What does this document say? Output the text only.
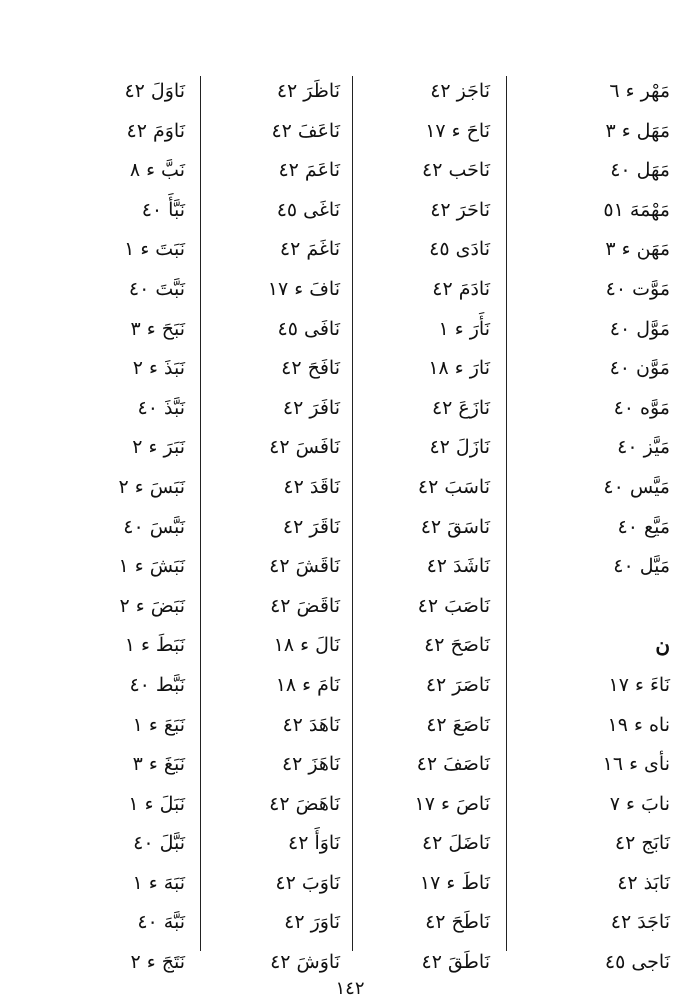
مَهْر ء ٦
مَهَل ء ٣
مَهَل ٤٠
مَهْمَهَ ٥١
مَهَن ء ٣
مَوَّت ٤٠
مَوَّل ٤٠
مَوَّن ٤٠
مَوَّه ٤٠
مَيَّز ٤٠
مَيَّس ٤٠
مَيَّع ٤٠
مَيَّل ٤٠
ن
نَاءَ ء ١٧
ناه ء ١٩
نأى ء ١٦
نابَ ء ٧
نَابَج ٤٢
نَابَذ ٤٢
نَاجَدَ ٤٢
نَاجى ٤٥
نَاجَز ٤٢
نَاحَ ء ١٧
نَاحَب ٤٢
نَاحَرَ ٤٢
نَادَى ٤٥
نَادَمَ ٤٢
نَأَرَ ء ١
نَارَ ء ١٨
نَازَعَ ٤٢
نَازَلَ ٤٢
نَاسَبَ ٤٢
نَاسَقَ ٤٢
نَاشَدَ ٤٢
نَاصَبَ ٤٢
نَاصَحَ ٤٢
نَاصَرَ ٤٢
نَاصَعَ ٤٢
نَاصَفَ ٤٢
نَاصَ ء ١٧
نَاضَلَ ٤٢
نَاطَ ء ١٧
نَاطَحَ ٤٢
نَاطَقَ ٤٢
نَاظَرَ ٤٢
نَاعَفَ ٤٢
نَاعَمَ ٤٢
نَاغَى ٤٥
نَاغَمَ ٤٢
نَافَ ء ١٧
نَافَى ٤٥
نَافَحَ ٤٢
نَافَرَ ٤٢
نَافَسَ ٤٢
نَاقَدَ ٤٢
نَاقَرَ ٤٢
نَاقَشَ ٤٢
نَاقَضَ ٤٢
نَالَ ء ١٨
نَامَ ء ١٨
نَاهَدَ ٤٢
نَاهَزَ ٤٢
نَاهَضَ ٤٢
نَاوَأَ ٤٢
نَاوَبَ ٤٢
نَاوَرَ ٤٢
نَاوَشَ ٤٢
نَاوَلَ ٤٢
نَاوَمَ ٤٢
نَبَّ ء ٨
نَبَّأَ ٤٠
نَبَتَ ء ١
نَبَّتَ ٤٠
نَبَحَ ء ٣
نَبَذَ ء ٢
نَبَّذَ ٤٠
نَبَرَ ء ٢
نَبَسَ ء ٢
نَبَّسَ ٤٠
نَبَشَ ء ١
نَبَضَ ء ٢
نَبَطَ ء ١
نَبَّط ٤٠
نَبَعَ ء ١
نَبَغَ ء ٣
نَبَلَ ء ١
نَبَّلَ ٤٠
نَبَهَ ء ١
نَبَّهَ ٤٠
نَتَجَ ء ٢
١٤٢
